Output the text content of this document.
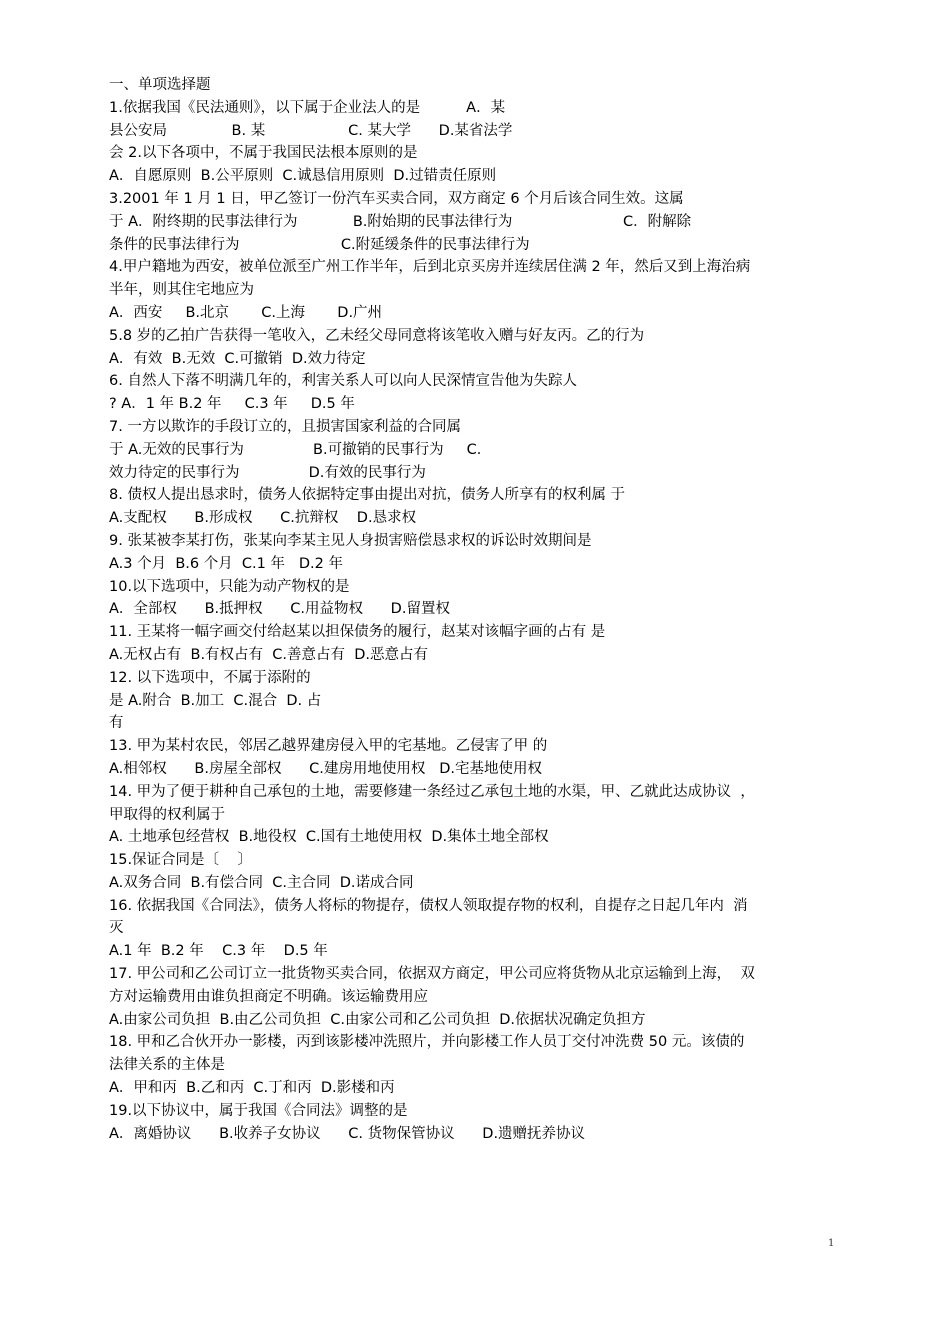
一、单项选择题
1.依据我国《民法通则》，以下属于企业法人的是          A．某
县公安局              B. 某                  C. 某大学      D.某省法学
会 2.以下各项中，不属于我国民法根本原则的是
A．自愿原则  B.公平原则  C.诚恳信用原则  D.过错责任原则
3.2001 年 1 月 1 日，甲乙签订一份汽车买卖合同，双方商定 6 个月后该合同生效。这属
于 A．附终期的民事法律行为            B.附始期的民事法律行为                        C．附解除
条件的民事法律行为                      C.附延缓条件的民事法律行为
4.甲户籍地为西安，被单位派至广州工作半年，后到北京买房并连续居住满 2 年，然后又到上海治病
半年，则其住宅地应为
A．西安     B.北京       C.上海       D.广州
5.8 岁的乙拍广告获得一笔收入，乙未经父母同意将该笔收入赠与好友丙。乙的行为
A．有效  B.无效  C.可撤销  D.效力待定
6. 自然人下落不明满几年的，利害关系人可以向人民深情宣告他为失踪人
? A．1 年 B.2 年     C.3 年     D.5 年
7. 一方以欺诈的手段订立的，且损害国家利益的合同属
于 A.无效的民事行为               B.可撤销的民事行为     C．
效力待定的民事行为               D.有效的民事行为
8. 债权人提出恳求时，债务人依据特定事由提出对抗，债务人所享有的权利属 于
A.支配权      B.形成权      C.抗辩权    D.恳求权
9. 张某被李某打伤，张某向李某主见人身损害赔偿恳求权的诉讼时效期间是
A.3 个月  B.6 个月  C.1 年   D.2 年
10.以下选项中，只能为动产物权的是
A．全部权      B.抵押权      C.用益物权      D.留置权
11. 王某将一幅字画交付给赵某以担保债务的履行，赵某对该幅字画的占有 是
A.无权占有  B.有权占有  C.善意占有  D.恶意占有
12. 以下选项中，不属于添附的
是 A.附合  B.加工  C.混合  D. 占
有
13. 甲为某村农民，邻居乙越界建房侵入甲的宅基地。乙侵害了甲 的
A.相邻权      B.房屋全部权      C.建房用地使用权   D.宅基地使用权
14. 甲为了便于耕种自己承包的土地，需要修建一条经过乙承包土地的水渠，甲、乙就此达成协议  ，
甲取得的权利属于
A. 土地承包经营权  B.地役权  C.国有土地使用权  D.集体土地全部权
15.保证合同是〔    〕
A.双务合同  B.有偿合同  C.主合同  D.诺成合同
16. 依据我国《合同法》，债务人将标的物提存，债权人领取提存物的权利，自提存之日起几年内  消
灭
A.1 年  B.2 年    C.3 年    D.5 年
17. 甲公司和乙公司订立一批货物买卖合同，依据双方商定，甲公司应将货物从北京运输到上海，  双
方对运输费用由谁负担商定不明确。该运输费用应
A.由家公司负担  B.由乙公司负担  C.由家公司和乙公司负担  D.依据状况确定负担方
18. 甲和乙合伙开办一影楼，丙到该影楼冲洗照片，并向影楼工作人员丁交付冲洗费 50 元。该债的
法律关系的主体是
A．甲和丙  B.乙和丙  C.丁和丙  D.影楼和丙
19.以下协议中，属于我国《合同法》调整的是
A．离婚协议      B.收养子女协议      C. 货物保管协议      D.遗赠抚养协议
1
